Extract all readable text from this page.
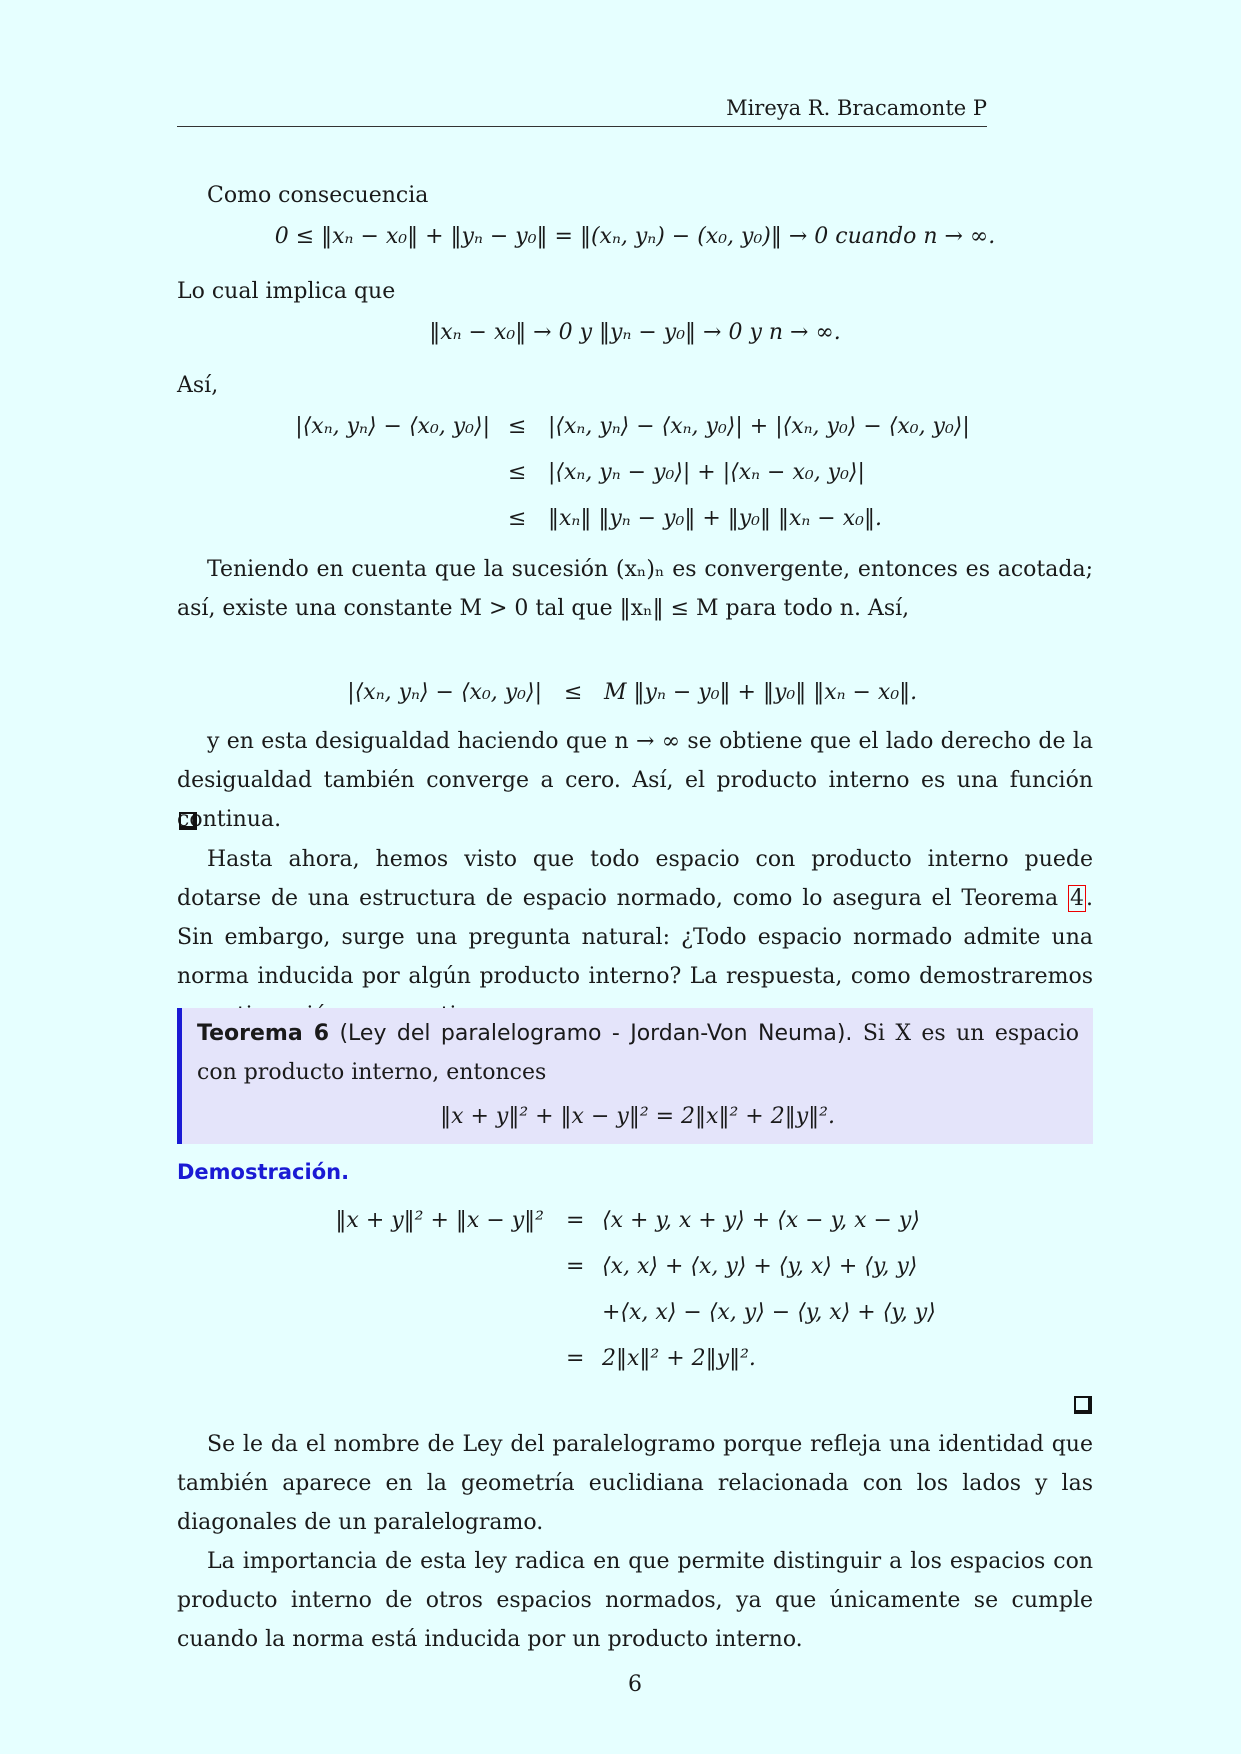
Mireya R. Bracamonte P
Como consecuencia
0 ≤ ‖xₙ − x₀‖ + ‖yₙ − y₀‖ = ‖(xₙ, yₙ) − (x₀, y₀)‖ → 0 cuando n → ∞.
Lo cual implica que
‖xₙ − x₀‖ → 0 y ‖yₙ − y₀‖ → 0 y n → ∞.
Así,
|⟨xₙ, yₙ⟩ − ⟨x₀, y₀⟩| ≤ |⟨xₙ, yₙ⟩ − ⟨xₙ, y₀⟩| + |⟨xₙ, y₀⟩ − ⟨x₀, y₀⟩|
≤ |⟨xₙ, yₙ − y₀⟩| + |⟨xₙ − x₀, y₀⟩|
≤ ‖xₙ‖ ‖yₙ − y₀‖ + ‖y₀‖ ‖xₙ − x₀‖.
Teniendo en cuenta que la sucesión (xₙ)ₙ es convergente, entonces es acotada; así, existe una constante M > 0 tal que ‖xₙ‖ ≤ M para todo n. Así,
|⟨xₙ, yₙ⟩ − ⟨x₀, y₀⟩| ≤ M ‖yₙ − y₀‖ + ‖y₀‖ ‖xₙ − x₀‖.
y en esta desigualdad haciendo que n → ∞ se obtiene que el lado derecho de la desigualdad también converge a cero. Así, el producto interno es una función continua.
Hasta ahora, hemos visto que todo espacio con producto interno puede dotarse de una estructura de espacio normado, como lo asegura el Teorema 4. Sin embargo, surge una pregunta natural: ¿Todo espacio normado admite una norma inducida por algún producto interno? La respuesta, como demostraremos
Teorema 6 (Ley del paralelogramo - Jordan-Von Neuma). Si X es un espacio con producto interno, entonces
‖x + y‖² + ‖x − y‖² = 2‖x‖² + 2‖y‖².
Demostración.
‖x + y‖² + ‖x − y‖² = ⟨x + y, x + y⟩ + ⟨x − y, x − y⟩
= ⟨x, x⟩ + ⟨x, y⟩ + ⟨y, x⟩ + ⟨y, y⟩
+⟨x, x⟩ − ⟨x, y⟩ − ⟨y, x⟩ + ⟨y, y⟩
= 2‖x‖² + 2‖y‖².
Se le da el nombre de Ley del paralelogramo porque refleja una identidad que también aparece en la geometría euclidiana relacionada con los lados y las diagonales de un paralelogramo.
La importancia de esta ley radica en que permite distinguir a los espacios con producto interno de otros espacios normados, ya que únicamente se cumple cuando la norma está inducida por un producto interno.
6
